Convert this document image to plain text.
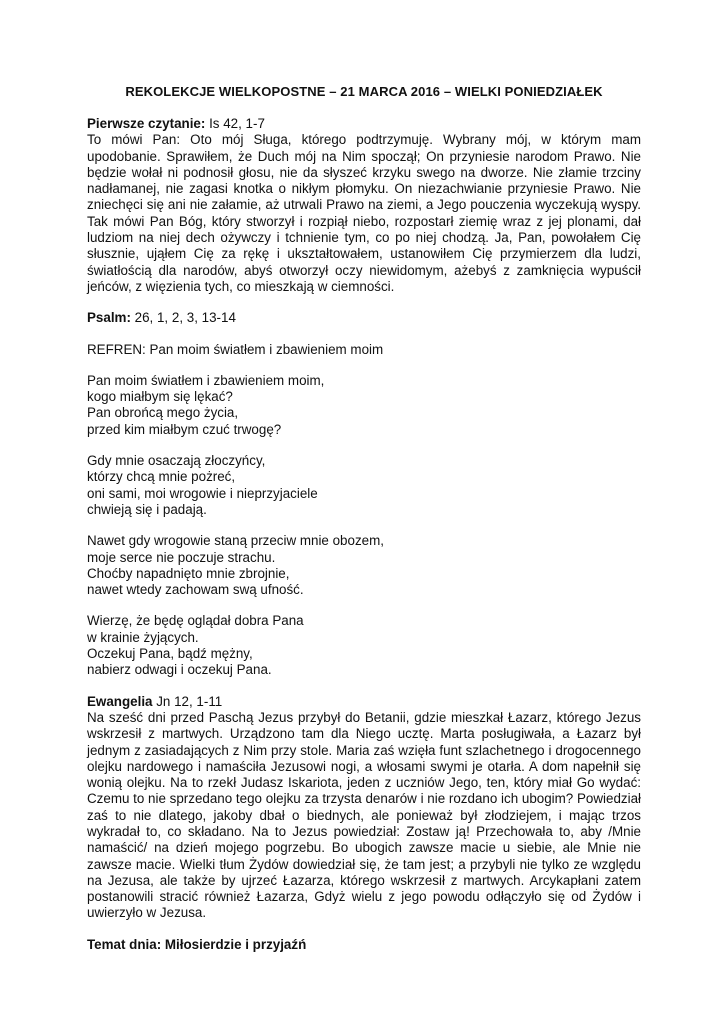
REKOLEKCJE WIELKOPOSTNE – 21 MARCA 2016 – WIELKI PONIEDZIAŁEK

Pierwsze czytanie: Is 42, 1-7

To mówi Pan: Oto mój Sługa, którego podtrzymuję. Wybrany mój, w którym mam upodobanie. Sprawiłem, że Duch mój na Nim spoczął; On przyniesie narodom Prawo. Nie będzie wołał ni podnosił głosu, nie da słyszeć krzyku swego na dworze. Nie złamie trzciny nadłamanej, nie zagasi knotka o nikłym płomyku. On niezachwianie przyniesie Prawo. Nie zniechęci się ani nie załamie, aż utrwali Prawo na ziemi, a Jego pouczenia wyczekują wyspy. Tak mówi Pan Bóg, który stworzył i rozpiął niebo, rozpostarł ziemię wraz z jej plonami, dał ludziom na niej dech ożywczy i tchnienie tym, co po niej chodzą. Ja, Pan, powołałem Cię słusznie, ująłem Cię za rękę i ukształtowałem, ustanowiłem Cię przymierzem dla ludzi, światłością dla narodów, abyś otworzył oczy niewidomym, ażebyś z zamknięcia wypuścił jeńców, z więzienia tych, co mieszkają w ciemności.

Psalm: 26, 1, 2, 3, 13-14

REFREN: Pan moim światłem i zbawieniem moim

Pan moim światłem i zbawieniem moim,

kogo miałbym się lękać?

Pan obrońcą mego życia,

przed kim miałbym czuć trwogę?

Gdy mnie osaczają złoczyńcy,

którzy chcą mnie pożreć,

oni sami, moi wrogowie i nieprzyjaciele

chwieją się i padają.

Nawet gdy wrogowie staną przeciw mnie obozem,

moje serce nie poczuje strachu.

Choćby napadnięto mnie zbrojnie,

nawet wtedy zachowam swą ufność.

Wierzę, że będę oglądał dobra Pana

w krainie żyjących.

Oczekuj Pana, bądź mężny,

nabierz odwagi i oczekuj Pana.

Ewangelia Jn 12, 1-11

Na sześć dni przed Paschą Jezus przybył do Betanii, gdzie mieszkał Łazarz, którego Jezus wskrzesił z martwych. Urządzono tam dla Niego ucztę. Marta posługiwała, a Łazarz był jednym z zasiadających z Nim przy stole. Maria zaś wzięła funt szlachetnego i drogocennego olejku nardowego i namaściła Jezusowi nogi, a włosami swymi je otarła. A dom napełnił się wonią olejku. Na to rzekł Judasz Iskariota, jeden z uczniów Jego, ten, który miał Go wydać: Czemu to nie sprzedano tego olejku za trzysta denarów i nie rozdano ich ubogim? Powiedział zaś to nie dlatego, jakoby dbał o biednych, ale ponieważ był złodziejem, i mając trzos wykradał to, co składano. Na to Jezus powiedział: Zostaw ją! Przechowała to, aby /Mnie namaścić/ na dzień mojego pogrzebu. Bo ubogich zawsze macie u siebie, ale Mnie nie zawsze macie. Wielki tłum Żydów dowiedział się, że tam jest; a przybyli nie tylko ze względu na Jezusa, ale także by ujrzeć Łazarza, którego wskrzesił z martwych. Arcykapłani zatem postanowili stracić również Łazarza, Gdyż wielu z jego powodu odłączyło się od Żydów i uwierzyło w Jezusa.

Temat dnia: Miłosierdzie i przyjaźń
